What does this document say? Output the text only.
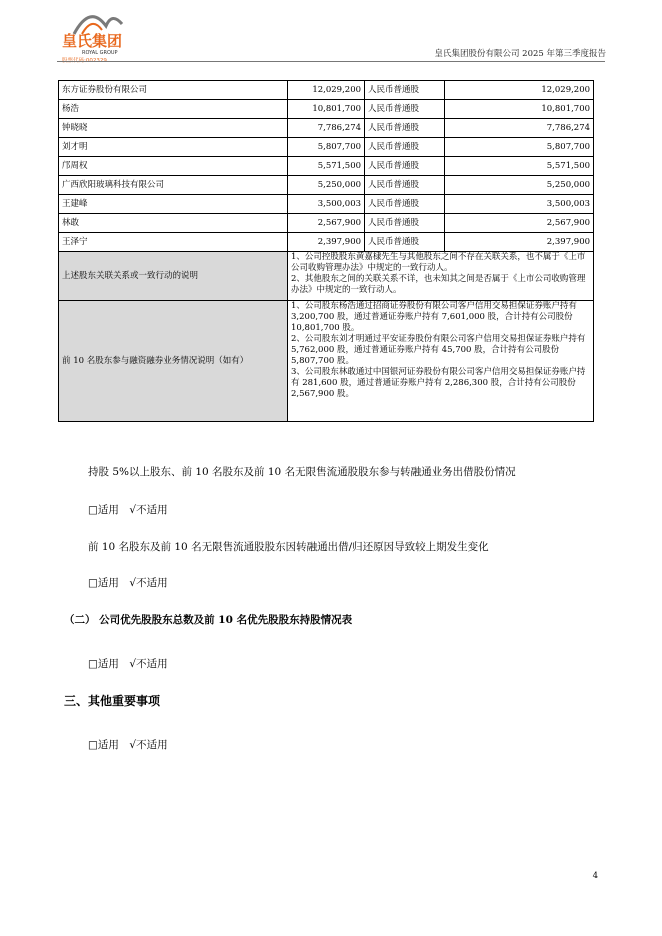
皇氏集团
ROYAL GROUP
股票代码:002329
皇氏集团股份有限公司 2025 年第三季度报告
东方证券股份有限公司	12,029,200	人民币普通股	12,029,200
杨浩	10,801,700	人民币普通股	10,801,700
钟晓晓	7,786,274	人民币普通股	7,786,274
刘才明	5,807,700	人民币普通股	5,807,700
邝周权	5,571,500	人民币普通股	5,571,500
广西欣阳玻璃科技有限公司	5,250,000	人民币普通股	5,250,000
王建峰	3,500,003	人民币普通股	3,500,003
林敢	2,567,900	人民币普通股	2,567,900
王泽宁	2,397,900	人民币普通股	2,397,900
上述股东关联关系或一致行动的说明	1、公司控股股东黄嘉棣先生与其他股东之间不存在关联关系，也不属于《上市公司收购管理办法》中规定的一致行动人。
2、其他股东之间的关联关系不详，也未知其之间是否属于《上市公司收购管理办法》中规定的一致行动人。		
前 10 名股东参与融资融券业务情况说明（如有）	1、公司股东杨浩通过招商证券股份有限公司客户信用交易担保证券账户持有 3,200,700 股，通过普通证券账户持有 7,601,000 股，合计持有公司股份 10,801,700 股。
2、公司股东刘才明通过平安证券股份有限公司客户信用交易担保证券账户持有 5,762,000 股，通过普通证券账户持有 45,700 股，合计持有公司股份 5,807,700 股。
3、公司股东林敢通过中国银河证券股份有限公司客户信用交易担保证券账户持有 281,600 股，通过普通证券账户持有 2,286,300 股，合计持有公司股份 2,567,900 股。		
持股 5%以上股东、前 10 名股东及前 10 名无限售流通股股东参与转融通业务出借股份情况
□适用　√不适用
前 10 名股东及前 10 名无限售流通股股东因转融通出借/归还原因导致较上期发生变化
□适用　√不适用
（二） 公司优先股股东总数及前 10 名优先股股东持股情况表
□适用　√不适用
三、其他重要事项
□适用　√不适用
4
